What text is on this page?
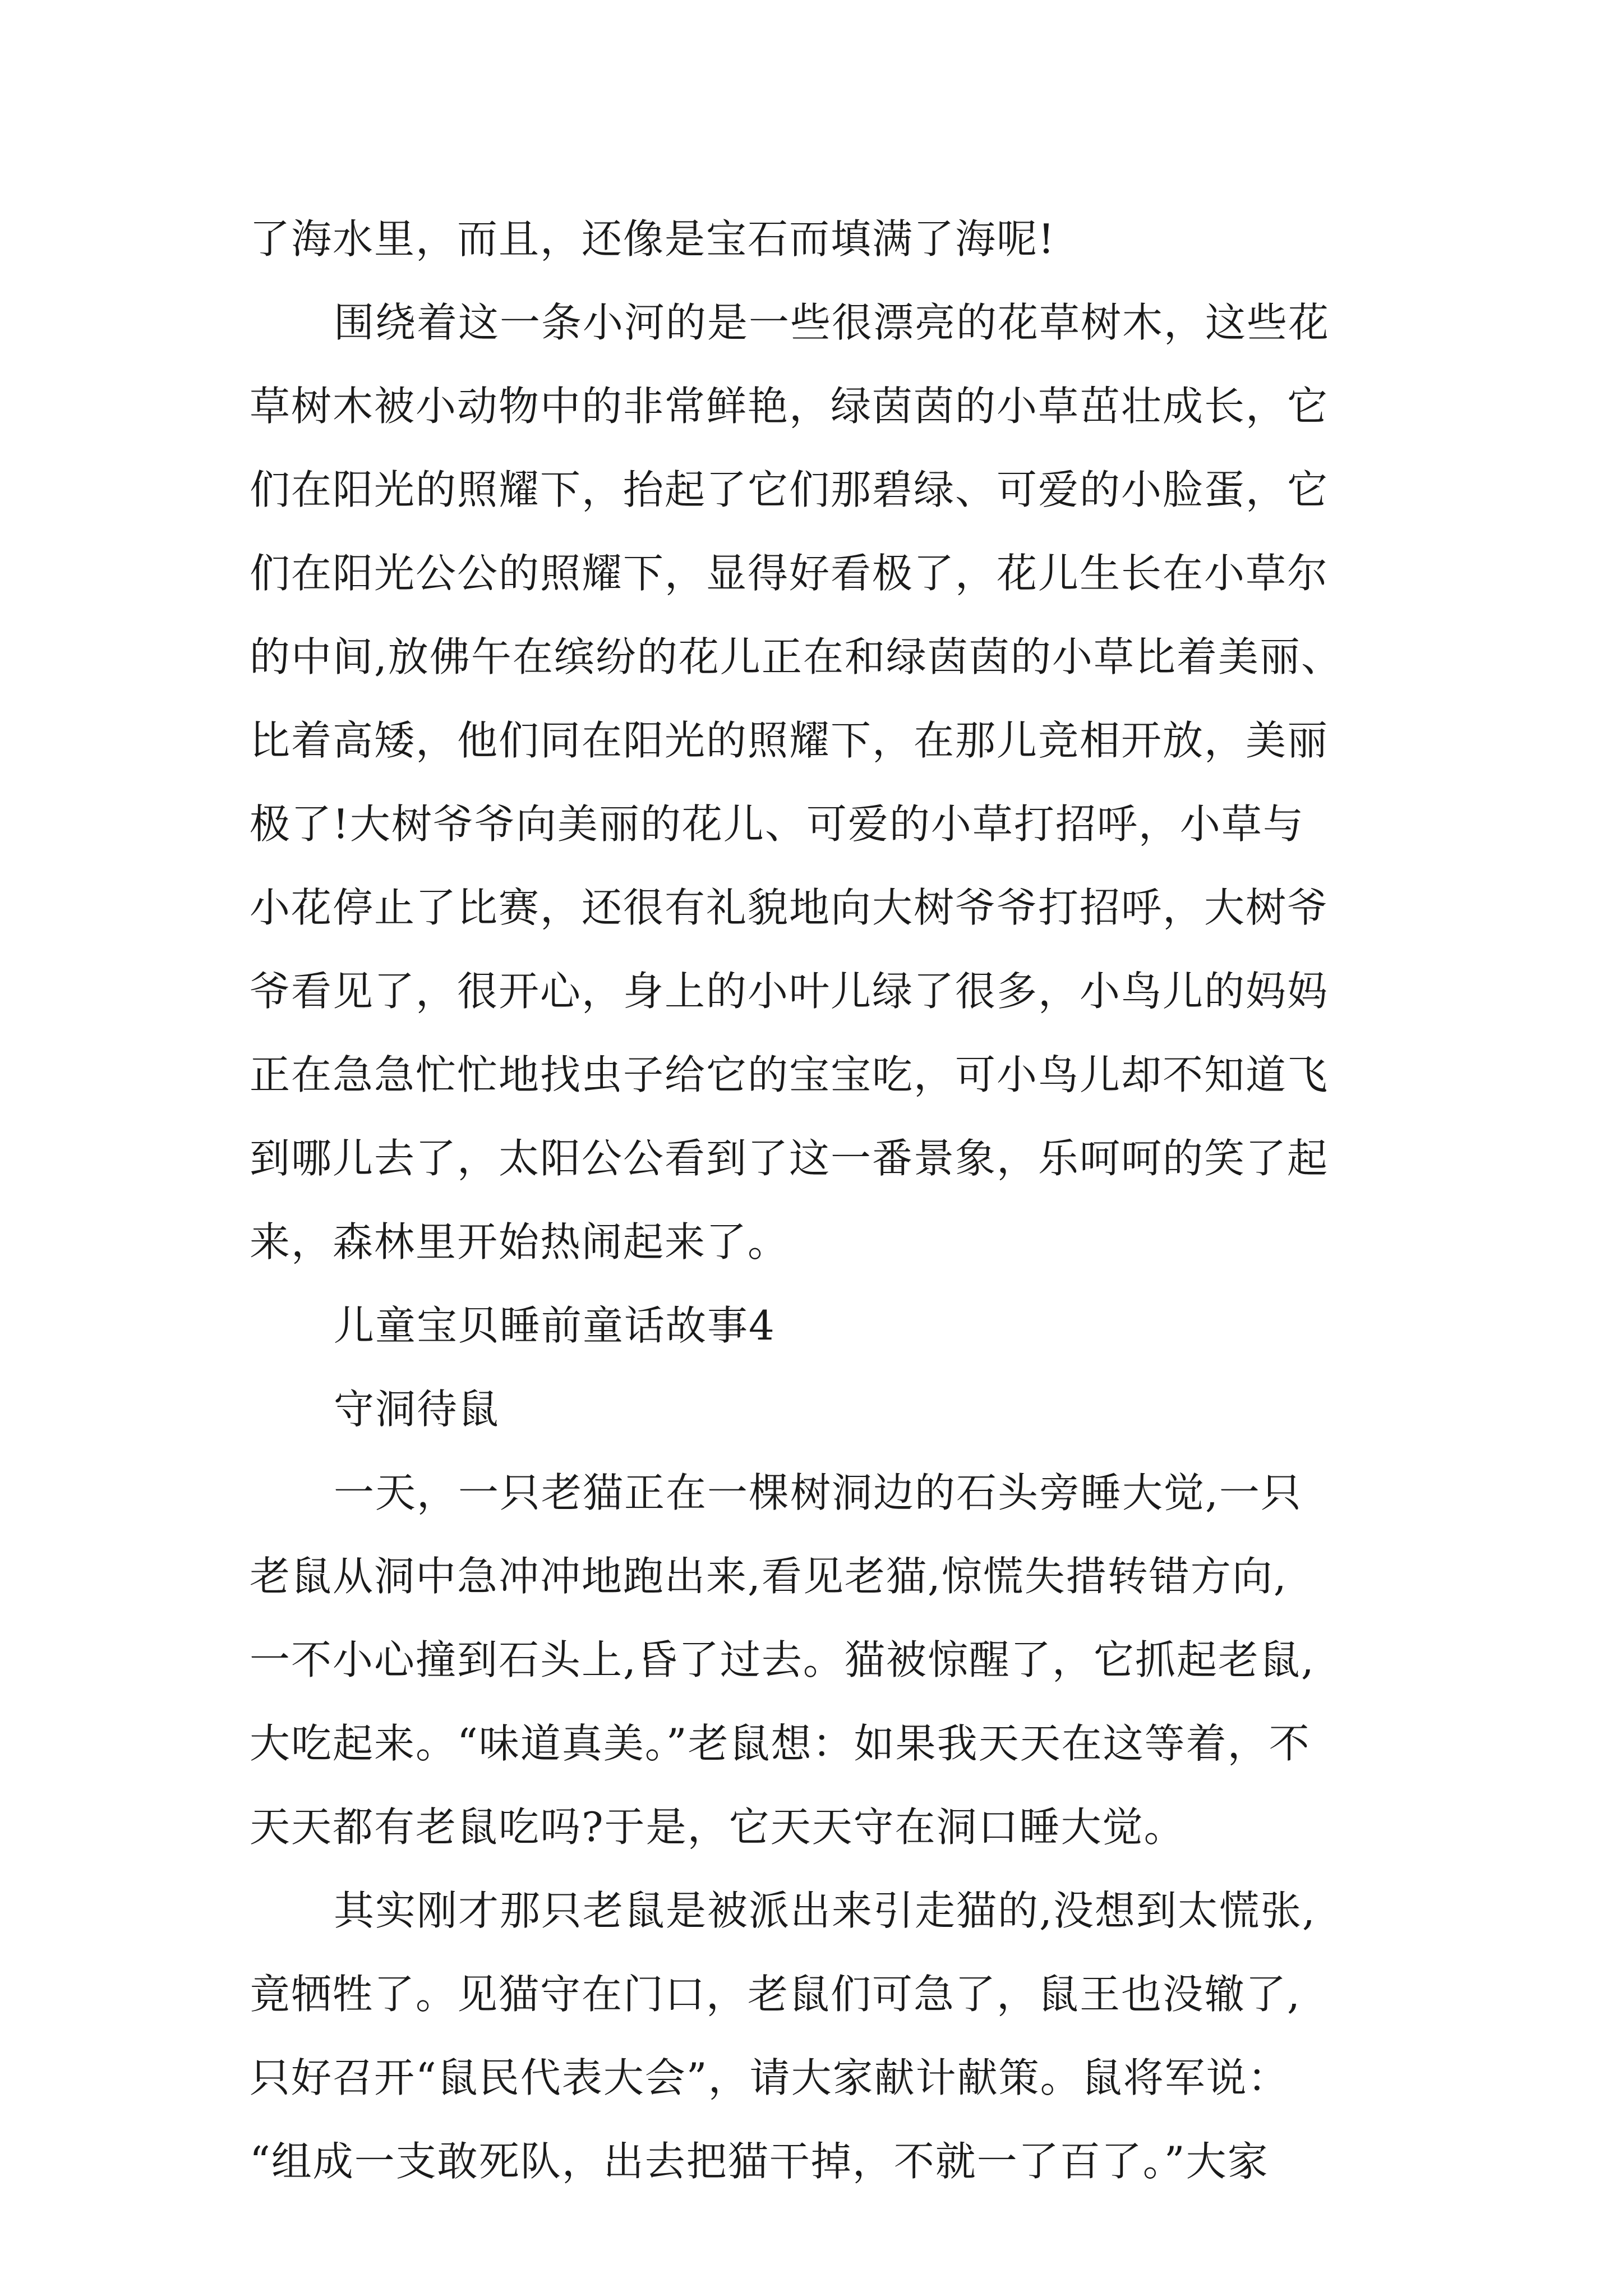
了海水里，而且，还像是宝石而填满了海呢!
围绕着这一条小河的是一些很漂亮的花草树木，这些花
草树木被小动物中的非常鲜艳，绿茵茵的小草茁壮成长，它
们在阳光的照耀下，抬起了它们那碧绿、可爱的小脸蛋，它
们在阳光公公的照耀下，显得好看极了，花儿生长在小草尔
的中间,放佛午在缤纷的花儿正在和绿茵茵的小草比着美丽、
比着高矮，他们同在阳光的照耀下，在那儿竞相开放，美丽
极了!大树爷爷向美丽的花儿、可爱的小草打招呼，小草与
小花停止了比赛，还很有礼貌地向大树爷爷打招呼，大树爷
爷看见了，很开心，身上的小叶儿绿了很多，小鸟儿的妈妈
正在急急忙忙地找虫子给它的宝宝吃，可小鸟儿却不知道飞
到哪儿去了，太阳公公看到了这一番景象，乐呵呵的笑了起
来，森林里开始热闹起来了。
儿童宝贝睡前童话故事4
守洞待鼠
一天，一只老猫正在一棵树洞边的石头旁睡大觉,一只
老鼠从洞中急冲冲地跑出来,看见老猫,惊慌失措转错方向,
一不小心撞到石头上,昏了过去。猫被惊醒了，它抓起老鼠,
大吃起来。“味道真美。”老鼠想：如果我天天在这等着，不
天天都有老鼠吃吗?于是，它天天守在洞口睡大觉。
其实刚才那只老鼠是被派出来引走猫的,没想到太慌张,
竟牺牲了。见猫守在门口，老鼠们可急了，鼠王也没辙了,
只好召开“鼠民代表大会”，请大家献计献策。鼠将军说：
“组成一支敢死队，出去把猫干掉，不就一了百了。”大家
